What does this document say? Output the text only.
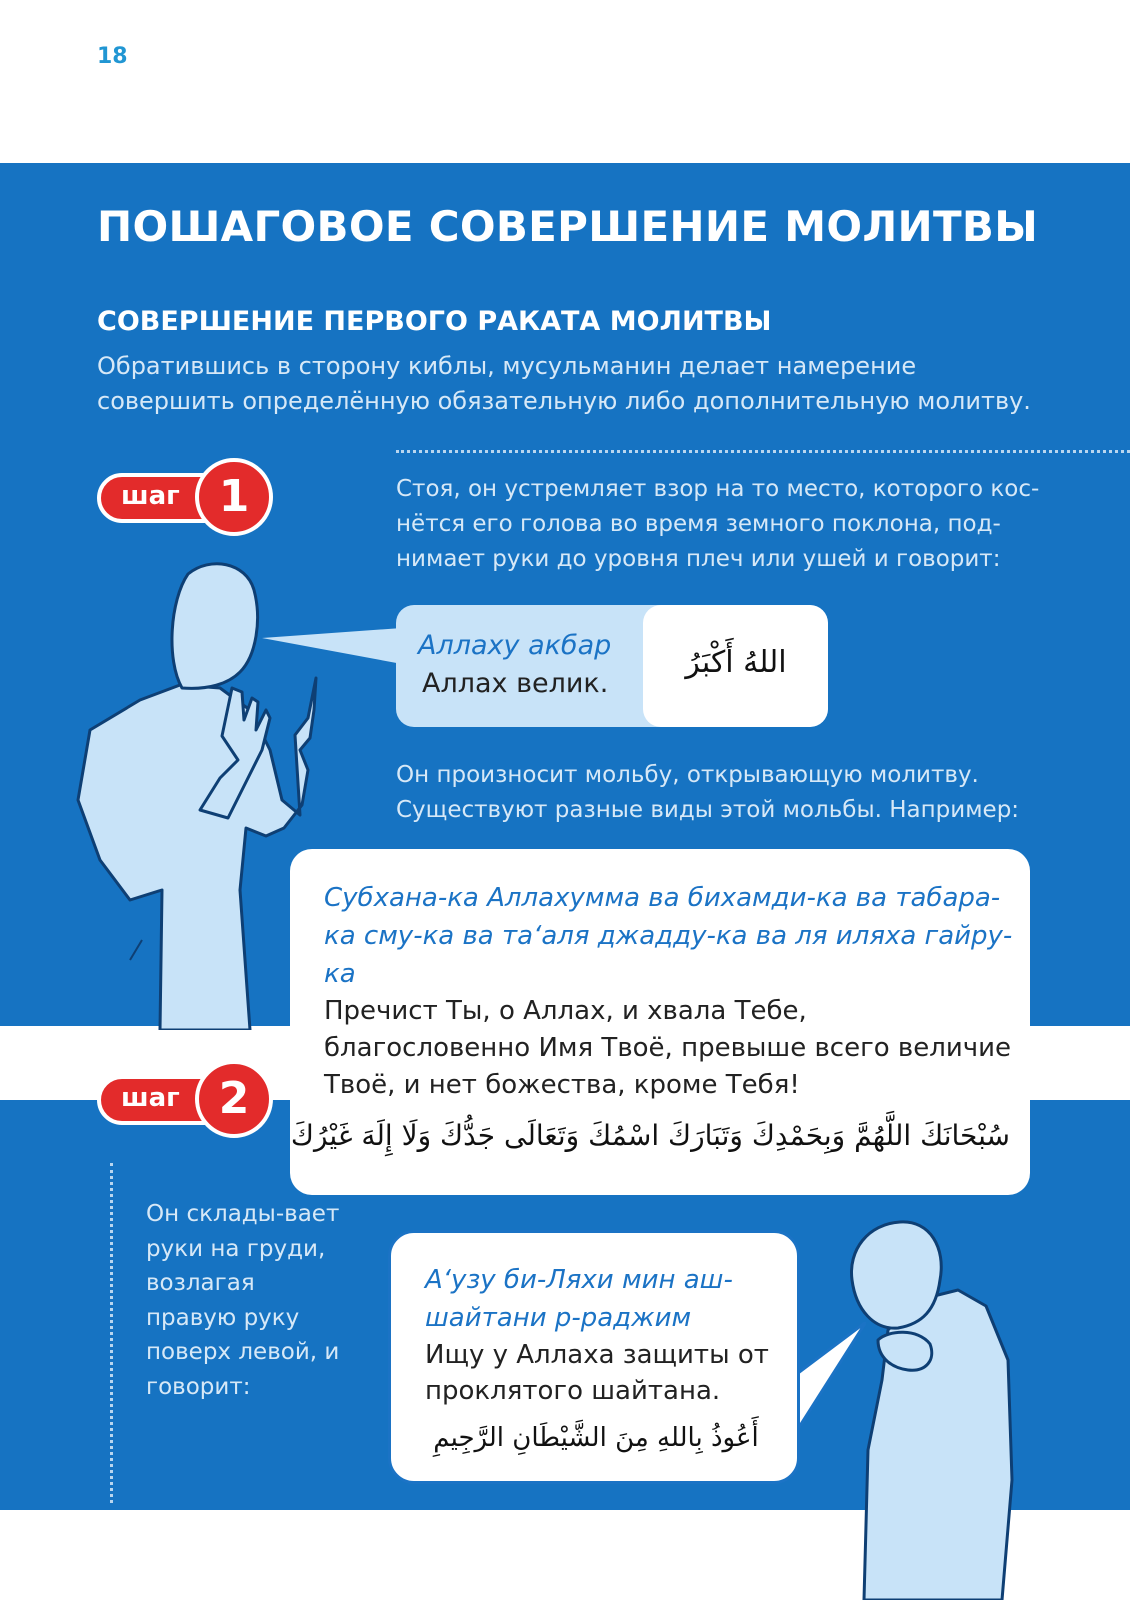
18
ПОШАГОВОЕ СОВЕРШЕНИЕ МОЛИТВЫ
СОВЕРШЕНИЕ ПЕРВОГО РАКАТА МОЛИТВЫ

Обратившись в сторону киблы, мусульманин делает намерение совершить определённую обязательную либо дополнительную молитву.

шаг 1
шаг 2

Стоя, он устремляет взор на то место, которого кос-нётся его голова во время земного поклона, под-нимает руки до уровня плеч или ушей и говорит:

Аллаху акбар
Аллах велик.
اللهُ أَكْبَرُ

Он произносит мольбу, открывающую молитву. Существуют разные виды этой мольбы. Например:

Субхана-ка Аллахумма ва бихамди-ка ва табара-ка сму-ка ва та‘аля джадду-ка ва ля иляха гайру-ка
Пречист Ты, о Аллах, и хвала Тебе, благословенно Имя Твоё, превыше всего величие Твоё, и нет божества, кроме Тебя!
سُبْحَانَكَ اللَّهُمَّ وَبِحَمْدِكَ وَتَبَارَكَ اسْمُكَ وَتَعَالَى جَدُّكَ وَلَا إِلَهَ غَيْرُكَ

Он склады-вает руки на груди, возлагая правую руку поверх левой, и говорит:

А‘узу би-Ляхи мин аш-шайтани р-раджим
Ищу у Аллаха защиты от проклятого шайтана.
أَعُوذُ بِاللهِ مِنَ الشَّيْطَانِ الرَّجِيمِ
